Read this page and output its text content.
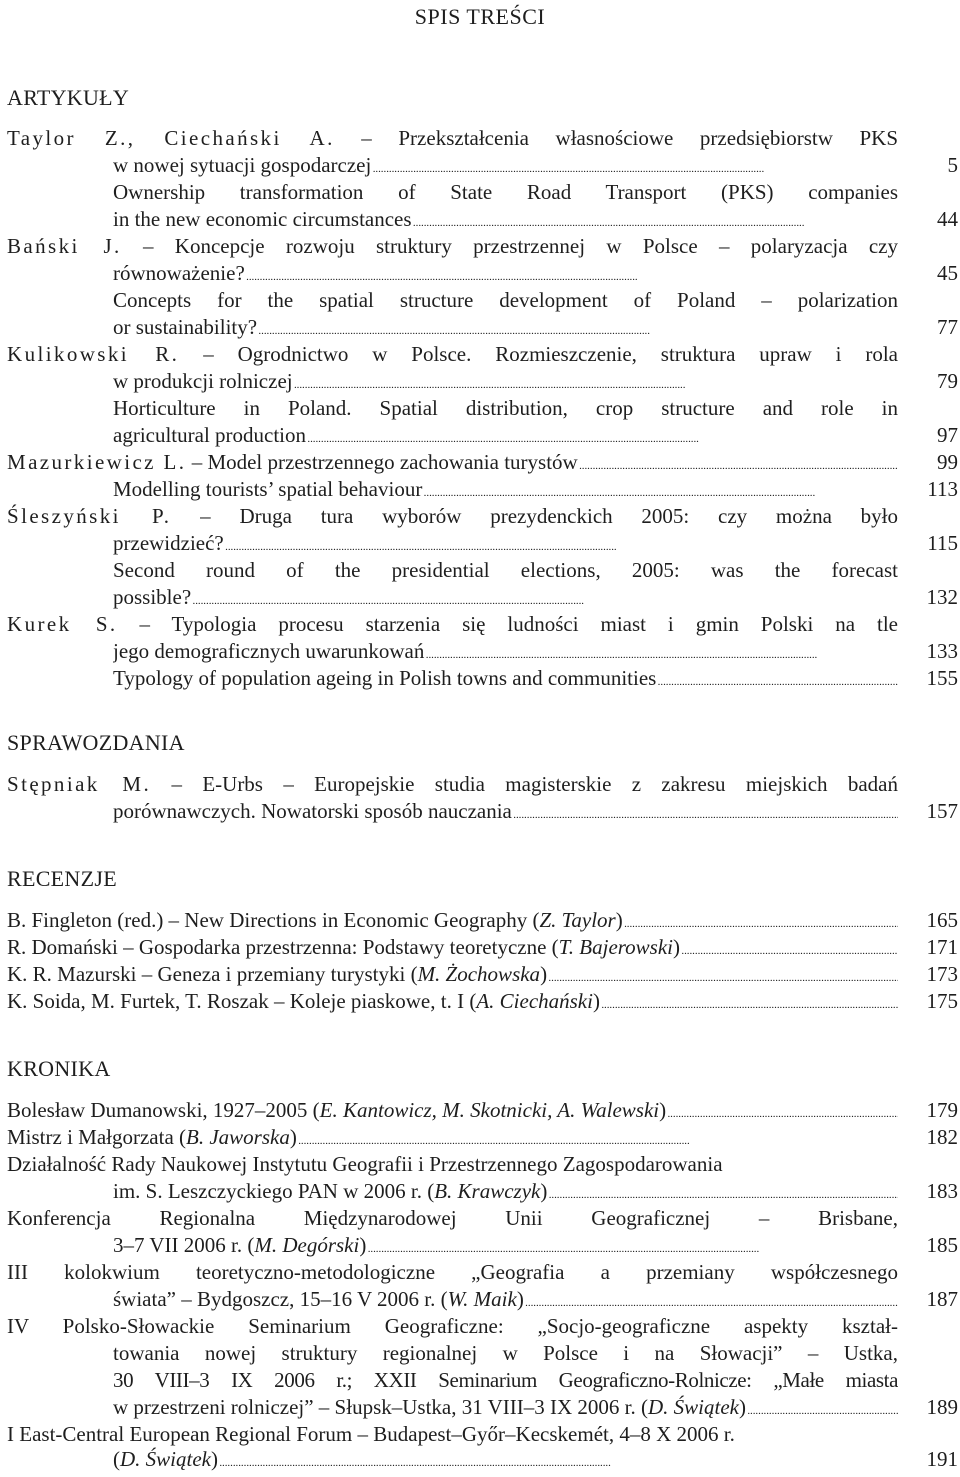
SPIS TREŚCI
ARTYKUŁY
Taylor Z., Ciechański A. – Przekształcenia własnościowe przedsiębiorstw PKS
w nowej sytuacji gospodarczej . . .	5
Ownership transformation of State Road Transport (PKS) companies
in the new economic circumstances . . .	44
Bański J. – Koncepcje rozwoju struktury przestrzennej w Polsce – polaryzacja czy
równoważenie? . . .	45
Concepts for the spatial structure development of Poland – polarization
or sustainability? . . .	77
Kulikowski R. – Ogrodnictwo w Polsce. Rozmieszczenie, struktura upraw i rola
w produkcji rolniczej . . .	79
Horticulture in Poland. Spatial distribution, crop structure and role in
agricultural production . . .	97
Mazurkiewicz L. – Model przestrzennego zachowania turystów . . .	99
Modelling tourists’ spatial behaviour . . .	113
Śleszyński P. – Druga tura wyborów prezydenckich 2005: czy można było
przewidzieć? . . .	115
Second round of the presidential elections, 2005: was the forecast
possible? . . .	132
Kurek S. – Typologia procesu starzenia się ludności miast i gmin Polski na tle
jego demograficznych uwarunkowań . . .	133
Typology of population ageing in Polish towns and communities . . .	155
SPRAWOZDANIA
Stępniak M. – E-Urbs – Europejskie studia magisterskie z zakresu miejskich badań
porównawczych. Nowatorski sposób nauczania . . .	157
RECENZJE
B. Fingleton (red.) – New Directions in Economic Geography (Z. Taylor) . . .	165
R. Domański – Gospodarka przestrzenna: Podstawy teoretyczne (T. Bajerowski) . . .	171
K. R. Mazurski – Geneza i przemiany turystyki (M. Żochowska) . . .	173
K. Soida, M. Furtek, T. Roszak – Koleje piaskowe, t. I (A. Ciechański) . . .	175
KRONIKA
Bolesław Dumanowski, 1927–2005 (E. Kantowicz, M. Skotnicki, A. Walewski) . . .	179
Mistrz i Małgorzata (B. Jaworska) . . .	182
Działalność Rady Naukowej Instytutu Geografii i Przestrzennego Zagospodarowania
im. S. Leszczyckiego PAN w 2006 r. (B. Krawczyk) . . .	183
Konferencja Regionalna Międzynarodowej Unii Geograficznej – Brisbane,
3–7 VII 2006 r. (M. Degórski) . . .	185
III kolokwium teoretyczno-metodologiczne „Geografia a przemiany współczesnego
świata” – Bydgoszcz, 15–16 V 2006 r. (W. Maik) . . .	187
IV Polsko-Słowackie Seminarium Geograficzne: „Socjo-geograficzne aspekty kształ-
towania nowej struktury regionalnej w Polsce i na Słowacji” – Ustka,
30 VIII–3 IX 2006 r.; XXII Seminarium Geograficzno-Rolnicze: „Małe miasta
w przestrzeni rolniczej” – Słupsk–Ustka, 31 VIII–3 IX 2006 r. (D. Świątek) . . .	189
I East-Central European Regional Forum – Budapest–Győr–Kecskemét, 4–8 X 2006 r.
(D. Świątek) . . .	191
